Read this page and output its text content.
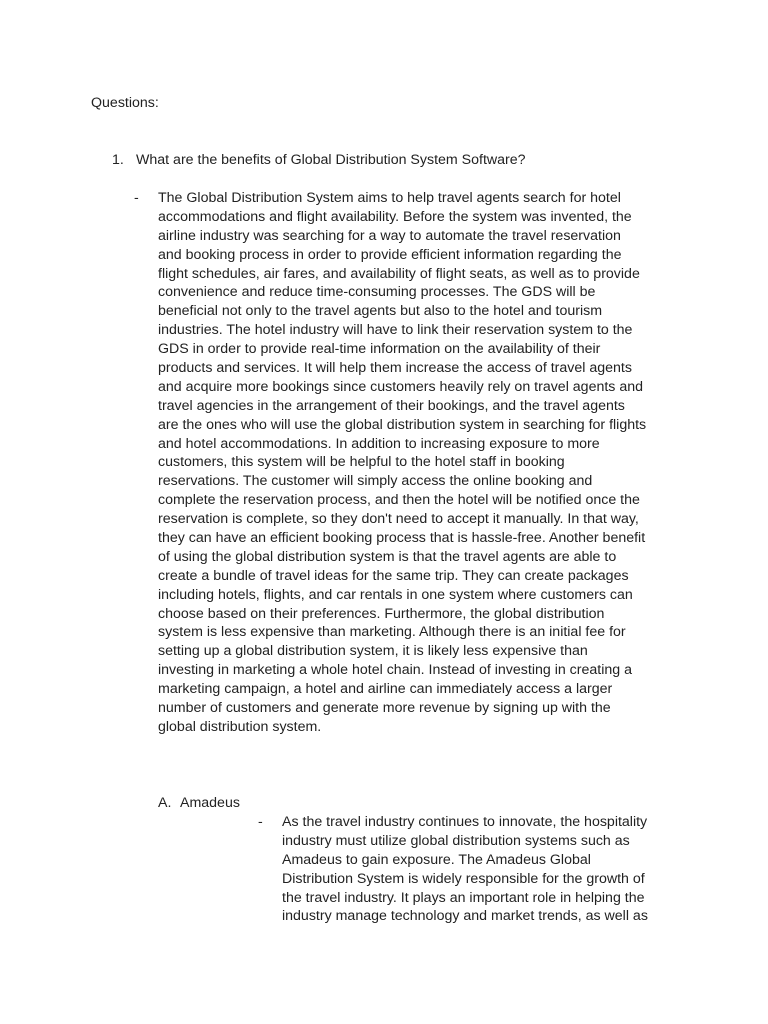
Questions:
1. What are the benefits of Global Distribution System Software?
- The Global Distribution System aims to help travel agents search for hotel
accommodations and flight availability. Before the system was invented, the
airline industry was searching for a way to automate the travel reservation
and booking process in order to provide efficient information regarding the
flight schedules, air fares, and availability of flight seats, as well as to provide
convenience and reduce time-consuming processes. The GDS will be
beneficial not only to the travel agents but also to the hotel and tourism
industries. The hotel industry will have to link their reservation system to the
GDS in order to provide real-time information on the availability of their
products and services. It will help them increase the access of travel agents
and acquire more bookings since customers heavily rely on travel agents and
travel agencies in the arrangement of their bookings, and the travel agents
are the ones who will use the global distribution system in searching for flights
and hotel accommodations. In addition to increasing exposure to more
customers, this system will be helpful to the hotel staff in booking
reservations. The customer will simply access the online booking and
complete the reservation process, and then the hotel will be notified once the
reservation is complete, so they don't need to accept it manually. In that way,
they can have an efficient booking process that is hassle-free. Another benefit
of using the global distribution system is that the travel agents are able to
create a bundle of travel ideas for the same trip. They can create packages
including hotels, flights, and car rentals in one system where customers can
choose based on their preferences. Furthermore, the global distribution
system is less expensive than marketing. Although there is an initial fee for
setting up a global distribution system, it is likely less expensive than
investing in marketing a whole hotel chain. Instead of investing in creating a
marketing campaign, a hotel and airline can immediately access a larger
number of customers and generate more revenue by signing up with the
global distribution system.
A. Amadeus
- As the travel industry continues to innovate, the hospitality
industry must utilize global distribution systems such as
Amadeus to gain exposure. The Amadeus Global
Distribution System is widely responsible for the growth of
the travel industry. It plays an important role in helping the
industry manage technology and market trends, as well as
